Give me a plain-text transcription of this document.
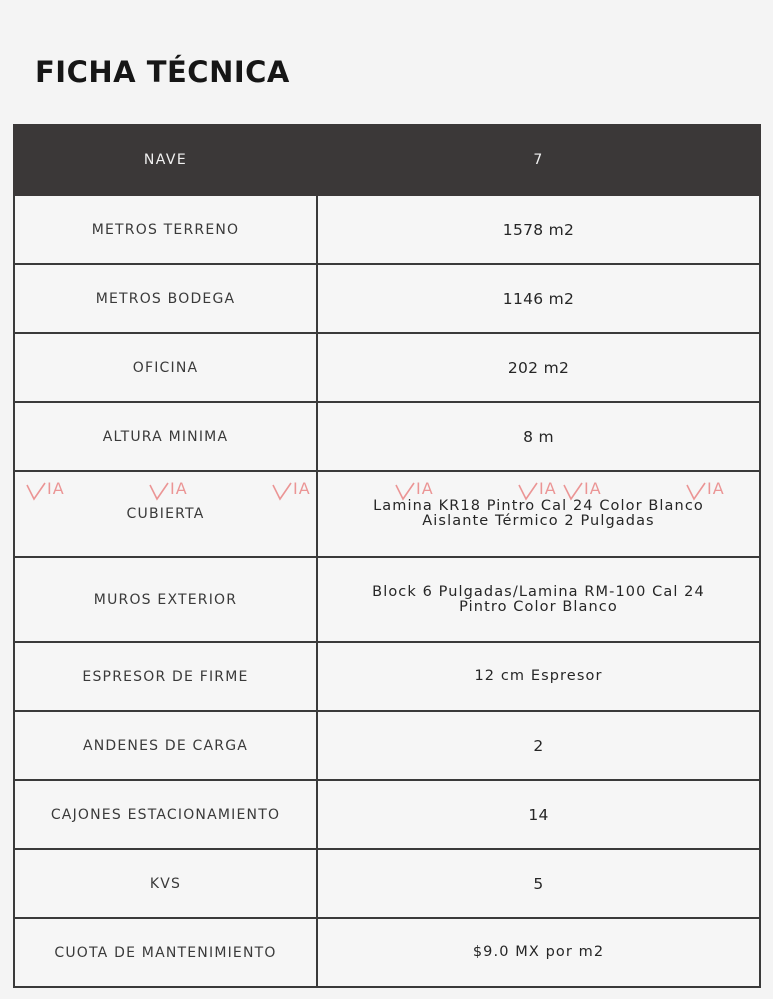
FICHA TÉCNICA
NAVE	7
METROS TERRENO	1578 m2
METROS BODEGA	1146 m2
OFICINA	202 m2
ALTURA MINIMA	8 m
CUBIERTA	Lamina KR18 Pintro Cal 24 Color Blanco
Aislante Térmico 2 Pulgadas

MUROS EXTERIOR	Block 6 Pulgadas/Lamina RM-100 Cal 24
Pintro Color Blanco

ESPRESOR DE FIRME	12 cm Espresor
ANDENES DE CARGA	2
CAJONES ESTACIONAMIENTO	14
KVS	5
CUOTA DE MANTENIMIENTO	$9.0 MX por m2
IA	IA	IA	IA	IA IA	IA
